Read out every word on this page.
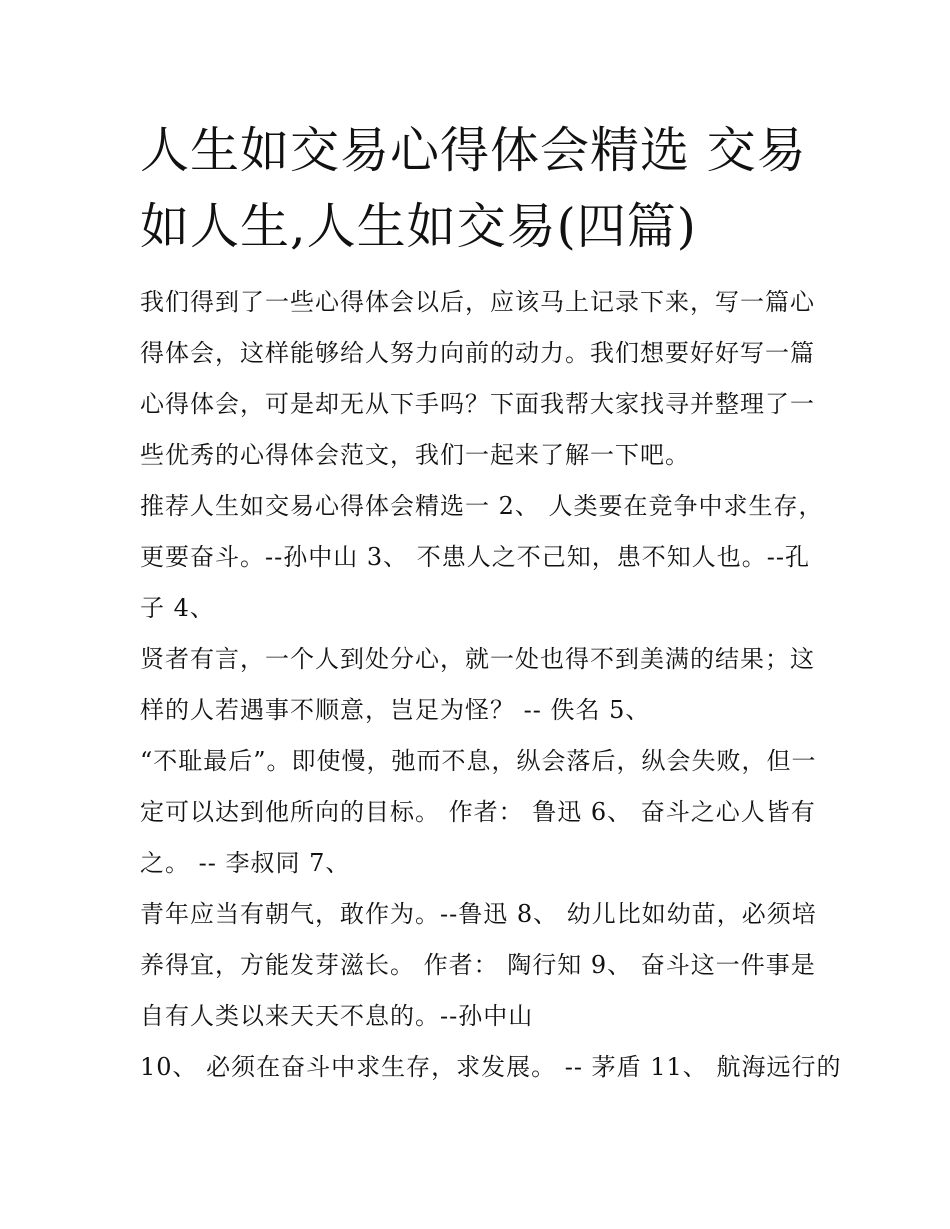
人生如交易心得体会精选 交易
如人生,人生如交易(四篇)

我们得到了一些心得体会以后，应该马上记录下来，写一篇心
得体会，这样能够给人努力向前的动力。我们想要好好写一篇
心得体会，可是却无从下手吗？下面我帮大家找寻并整理了一
些优秀的心得体会范文，我们一起来了解一下吧。

推荐人生如交易心得体会精选一 2、 人类要在竞争中求生存，
更要奋斗。--孙中山 3、 不患人之不己知，患不知人也。--孔
子 4、

贤者有言，一个人到处分心，就一处也得不到美满的结果；这
样的人若遇事不顺意，岂足为怪？ -- 佚名 5、

“不耻最后”。即使慢，弛而不息，纵会落后，纵会失败，但一
定可以达到他所向的目标。 作者： 鲁迅 6、 奋斗之心人皆有
之。 -- 李叔同 7、

青年应当有朝气，敢作为。--鲁迅 8、 幼儿比如幼苗，必须培
养得宜，方能发芽滋长。 作者： 陶行知 9、 奋斗这一件事是
自有人类以来天天不息的。--孙中山

10、 必须在奋斗中求生存，求发展。 -- 茅盾 11、 航海远行的
